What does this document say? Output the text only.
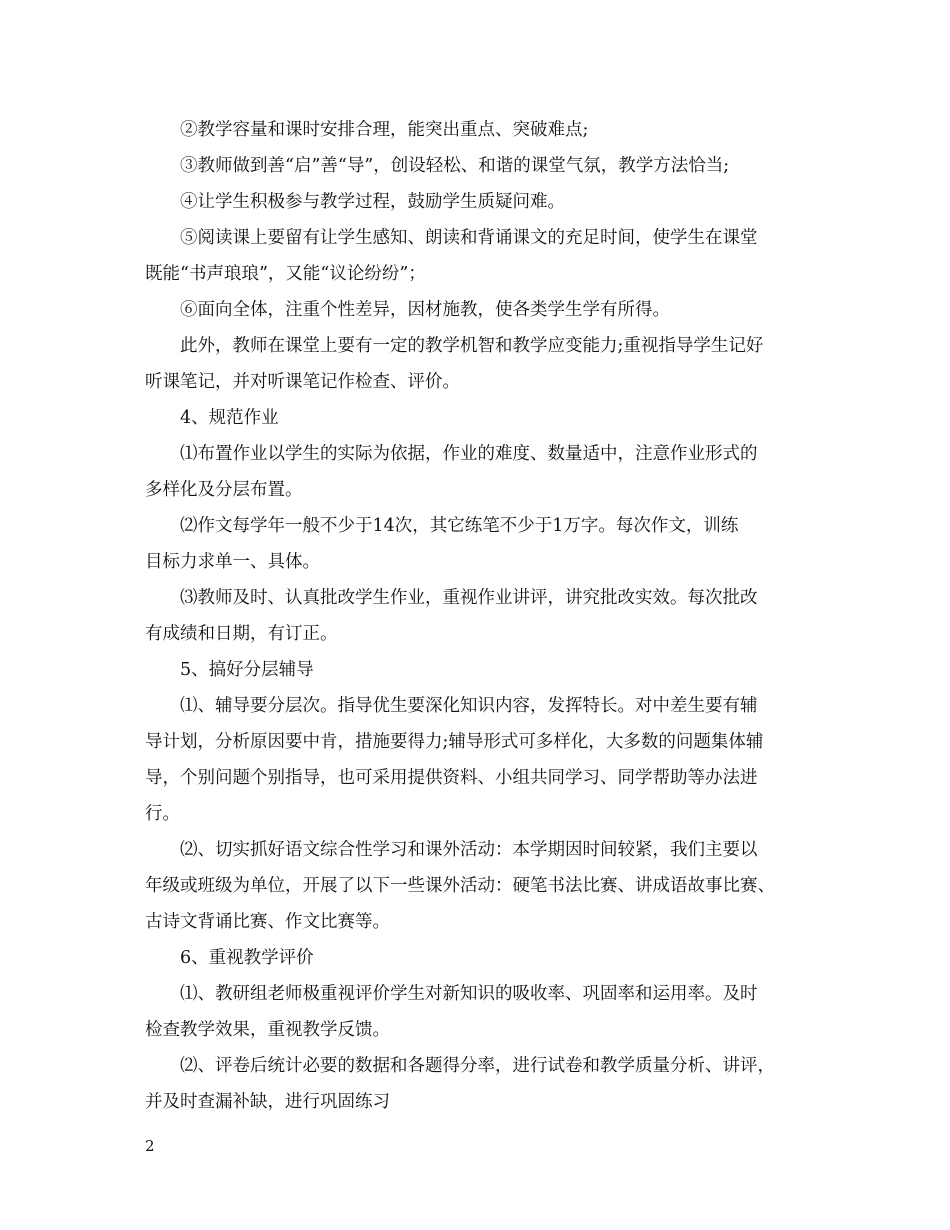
②教学容量和课时安排合理，能突出重点、突破难点;

③教师做到善“启”善“导”，创设轻松、和谐的课堂气氛，教学方法恰当;

④让学生积极参与教学过程，鼓励学生质疑问难。

⑤阅读课上要留有让学生感知、朗读和背诵课文的充足时间，使学生在课堂
既能“书声琅琅”，又能“议论纷纷”；

⑥面向全体，注重个性差异，因材施教，使各类学生学有所得。

此外，教师在课堂上要有一定的教学机智和教学应变能力;重视指导学生记好
听课笔记，并对听课笔记作检查、评价。

4、规范作业

⑴布置作业以学生的实际为依据，作业的难度、数量适中，注意作业形式的
多样化及分层布置。

⑵作文每学年一般不少于14次，其它练笔不少于1万字。每次作文，训练
目标力求单一、具体。

⑶教师及时、认真批改学生作业，重视作业讲评，讲究批改实效。每次批改
有成绩和日期，有订正。

5、搞好分层辅导

⑴、辅导要分层次。指导优生要深化知识内容，发挥特长。对中差生要有辅
导计划，分析原因要中肯，措施要得力;辅导形式可多样化，大多数的问题集体辅
导，个别问题个别指导，也可采用提供资料、小组共同学习、同学帮助等办法进
行。

⑵、切实抓好语文综合性学习和课外活动：本学期因时间较紧，我们主要以
年级或班级为单位，开展了以下一些课外活动：硬笔书法比赛、讲成语故事比赛、
古诗文背诵比赛、作文比赛等。

6、重视教学评价

⑴、教研组老师极重视评价学生对新知识的吸收率、巩固率和运用率。及时
检查教学效果，重视教学反馈。

⑵、评卷后统计必要的数据和各题得分率，进行试卷和教学质量分析、讲评，
并及时查漏补缺，进行巩固练习

2
